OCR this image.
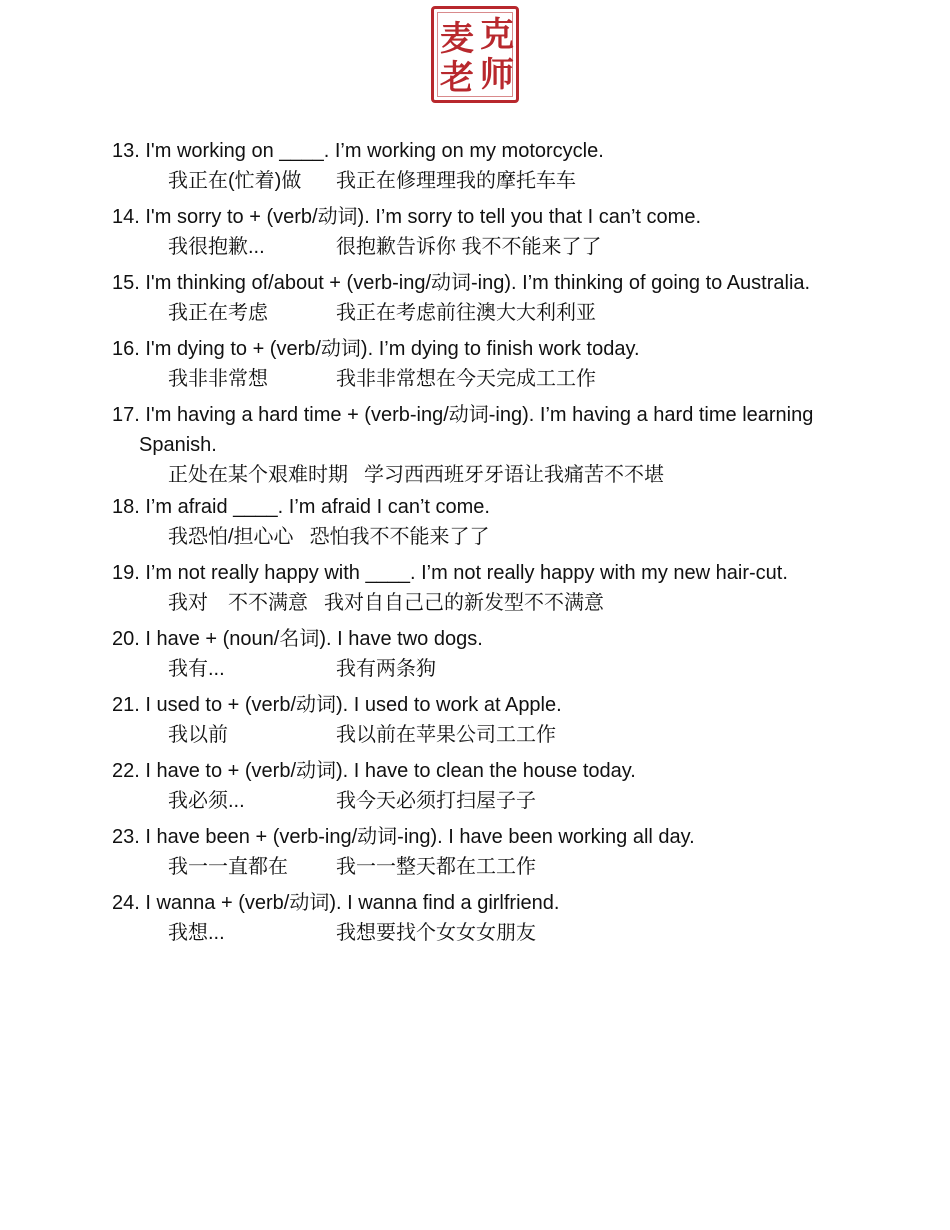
克
麦
师
老

13. I'm working on ____. I’m working on my motorcycle.

我正在(忙着)做	我正在修理理我的摩托车车

14. I'm sorry to + (verb/动词). I’m sorry to tell you that I can’t come.

我很抱歉...	很抱歉告诉你 我不不能来了了

15. I'm thinking of/about + (verb-ing/动词-ing). I’m thinking of going to Australia.

我正在考虑	我正在考虑前往澳大大利利亚

16. I'm dying to + (verb/动词). I’m dying to finish work today.

我非非常想	我非非常想在今天完成工工作

17. I'm having a hard time + (verb-ing/动词-ing). I’m having a hard time learning Spanish.

正处在某个艰难时期 学习西西班牙牙语让我痛苦不不堪

18. I’m afraid ____. I’m afraid I can’t come.

我恐怕/担心心 恐怕我不不能来了了

19. I’m not really happy with ____. I’m not really happy with my new hair-cut.

我对　不不满意 我对自自己己的新发型不不满意

20. I have + (noun/名词). I have two dogs.

我有...	我有两条狗

21. I used to + (verb/动词). I used to work at Apple.

我以前	我以前在苹果公司工工作

22. I have to + (verb/动词). I have to clean the house today.

我必须...	我今天必须打扫屋子子

23. I have been + (verb-ing/动词-ing). I have been working all day.

我一一直都在	我一一整天都在工工作

24. I wanna + (verb/动词). I wanna find a girlfriend.

我想...	我想要找个女女女朋友
